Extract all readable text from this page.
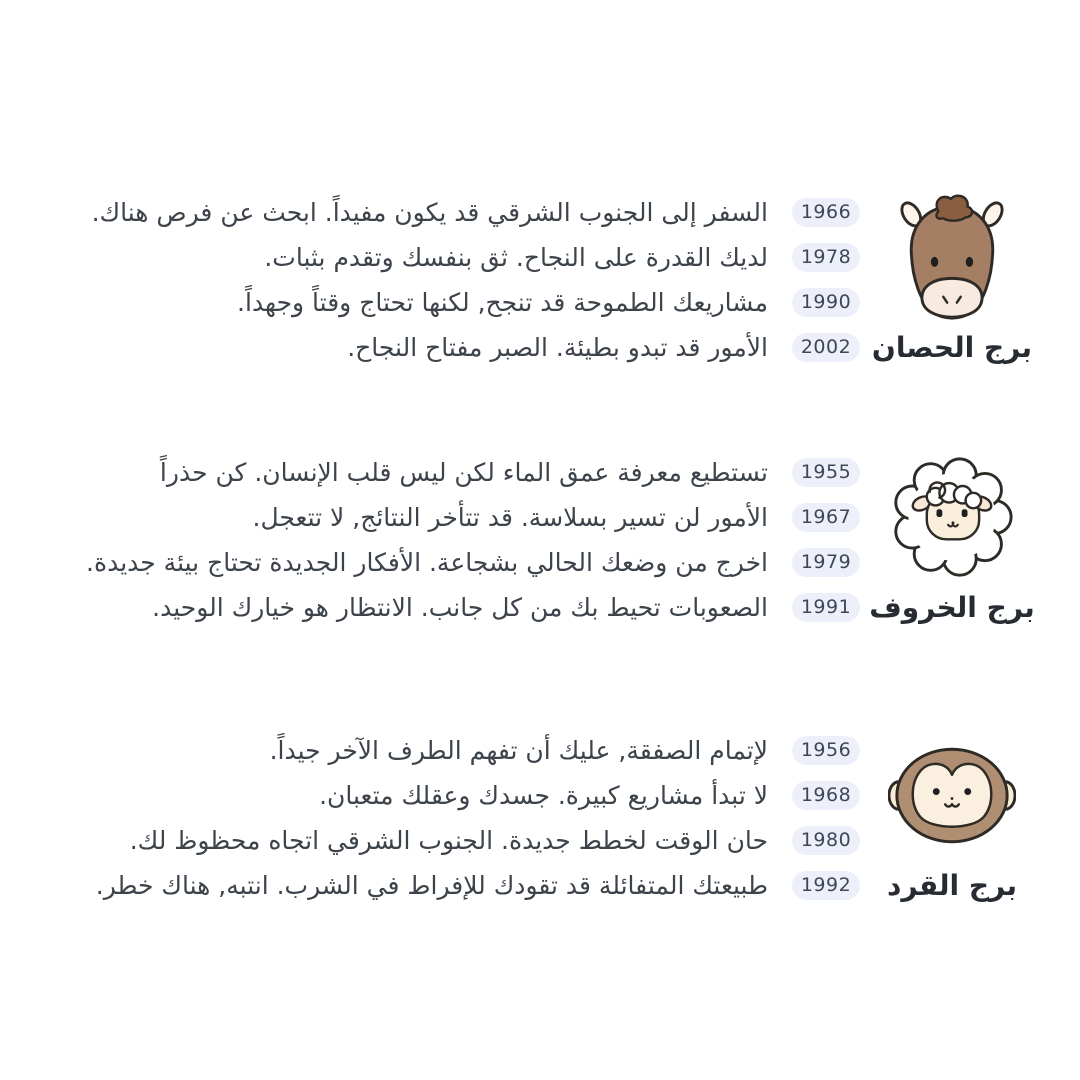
برج الحصان
1966
1978
1990
2002
السفر إلى الجنوب الشرقي قد يكون مفيداً. ابحث عن فرص هناك.
لديك القدرة على النجاح. ثق بنفسك وتقدم بثبات.
مشاريعك الطموحة قد تنجح, لكنها تحتاج وقتاً وجهداً.
الأمور قد تبدو بطيئة. الصبر مفتاح النجاح.
برج الخروف
1955
1967
1979
1991
تستطيع معرفة عمق الماء لكن ليس قلب الإنسان. كن حذراً
الأمور لن تسير بسلاسة. قد تتأخر النتائج, لا تتعجل.
اخرج من وضعك الحالي بشجاعة. الأفكار الجديدة تحتاج بيئة جديدة.
الصعوبات تحيط بك من كل جانب. الانتظار هو خيارك الوحيد.
برج القرد
1956
1968
1980
1992
لإتمام الصفقة, عليك أن تفهم الطرف الآخر جيداً.
لا تبدأ مشاريع كبيرة. جسدك وعقلك متعبان.
حان الوقت لخطط جديدة. الجنوب الشرقي اتجاه محظوظ لك.
طبيعتك المتفائلة قد تقودك للإفراط في الشرب. انتبه, هناك خطر.
